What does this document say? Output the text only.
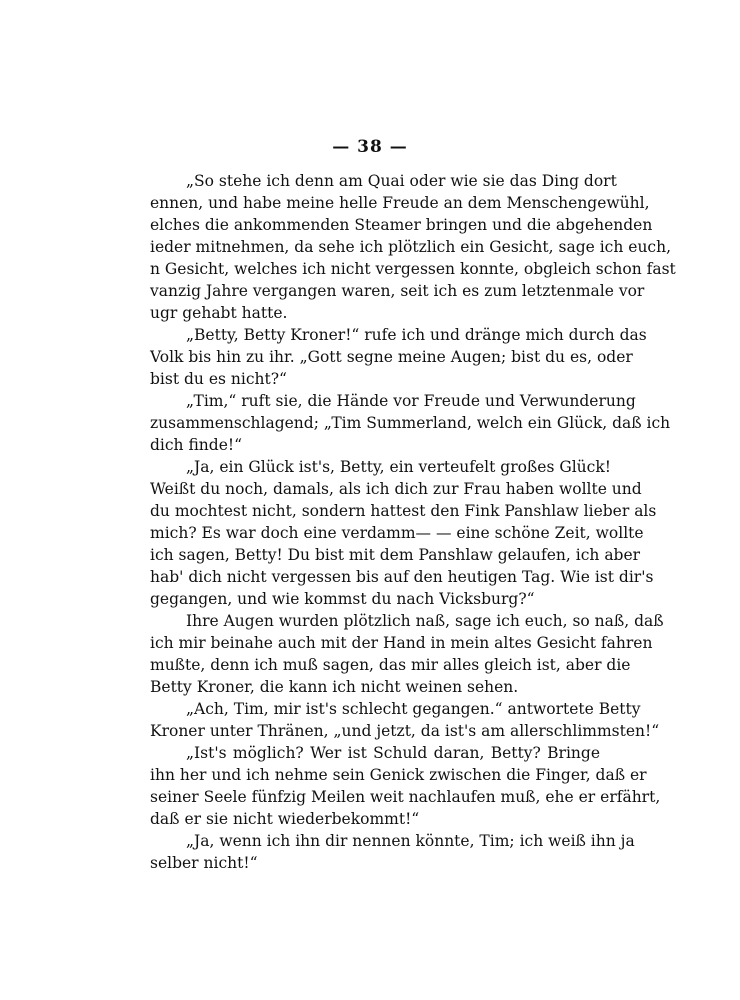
— 38 —
„So stehe ich denn am Quai oder wie sie das Ding dort
ennen, und habe meine helle Freude an dem Menschengewühl,
elches die ankommenden Steamer bringen und die abgehenden
ieder mitnehmen, da sehe ich plötzlich ein Gesicht, sage ich euch,
n Gesicht, welches ich nicht vergessen konnte, obgleich schon fast
vanzig Jahre vergangen waren, seit ich es zum letztenmale vor
ugr gehabt hatte.
„Betty, Betty Kroner!“ rufe ich und dränge mich durch das
Volk bis hin zu ihr. „Gott segne meine Augen; bist du es, oder
bist du es nicht?“
„Tim,“ ruft sie, die Hände vor Freude und Verwunderung
zusammenschlagend; „Tim Summerland, welch ein Glück, daß ich
dich finde!“
„Ja, ein Glück ist's, Betty, ein verteufelt großes Glück!
Weißt du noch, damals, als ich dich zur Frau haben wollte und
du mochtest nicht, sondern hattest den Fink Panshlaw lieber als
mich? Es war doch eine verdamm— — eine schöne Zeit, wollte
ich sagen, Betty! Du bist mit dem Panshlaw gelaufen, ich aber
hab' dich nicht vergessen bis auf den heutigen Tag. Wie ist dir's
gegangen, und wie kommst du nach Vicksburg?“
Ihre Augen wurden plötzlich naß, sage ich euch, so naß, daß
ich mir beinahe auch mit der Hand in mein altes Gesicht fahren
mußte, denn ich muß sagen, das mir alles gleich ist, aber die
Betty Kroner, die kann ich nicht weinen sehen.
„Ach, Tim, mir ist's schlecht gegangen.“ antwortete Betty
Kroner unter Thränen, „und jetzt, da ist's am allerschlimmsten!“
„Ist's möglich? Wer ist Schuld daran, Betty? Bringe
ihn her und ich nehme sein Genick zwischen die Finger, daß er
seiner Seele fünfzig Meilen weit nachlaufen muß, ehe er erfährt,
daß er sie nicht wiederbekommt!“
„Ja, wenn ich ihn dir nennen könnte, Tim; ich weiß ihn ja
selber nicht!“
